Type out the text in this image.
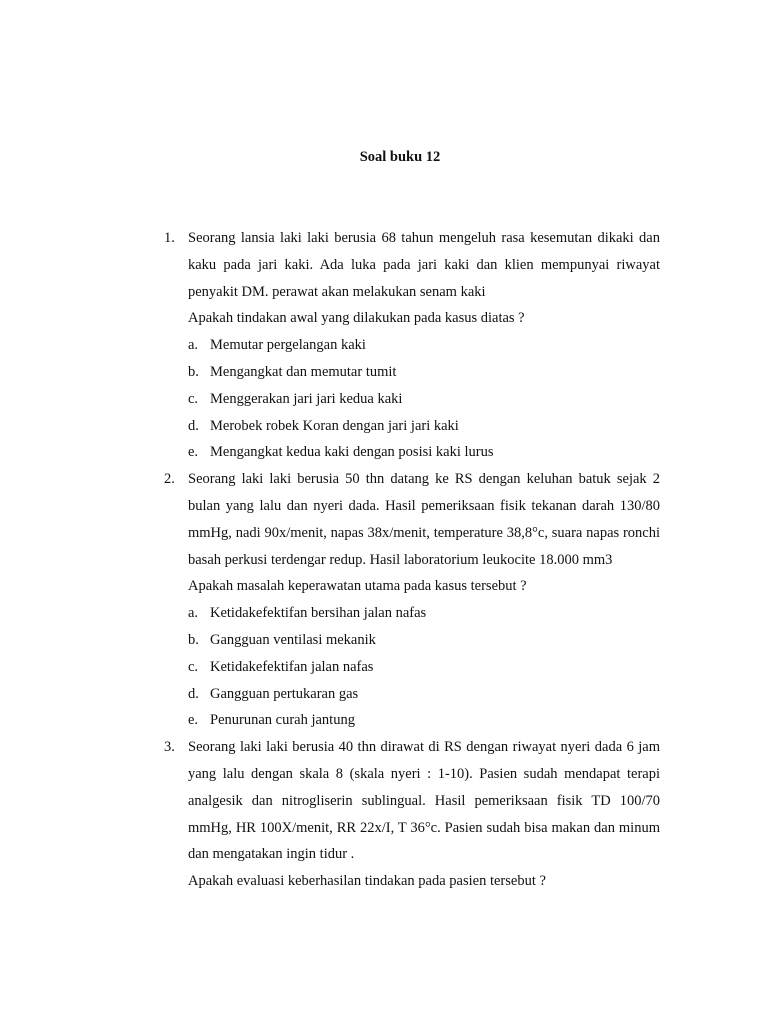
Soal buku 12
1. Seorang lansia laki laki berusia 68 tahun mengeluh rasa kesemutan dikaki dan kaku pada jari kaki. Ada luka pada jari kaki dan klien mempunyai riwayat penyakit DM. perawat akan melakukan senam kaki
Apakah tindakan awal yang dilakukan pada kasus diatas ?
a. Memutar pergelangan kaki
b. Mengangkat dan memutar tumit
c. Menggerakan jari jari kedua kaki
d. Merobek robek Koran dengan jari jari kaki
e. Mengangkat kedua kaki dengan posisi kaki lurus
2. Seorang laki laki berusia 50 thn datang ke RS dengan keluhan batuk sejak 2 bulan yang lalu dan nyeri dada. Hasil pemeriksaan fisik tekanan darah 130/80 mmHg, nadi 90x/menit, napas 38x/menit, temperature 38,8°c, suara napas ronchi basah perkusi terdengar redup. Hasil laboratorium leukocite 18.000 mm3
Apakah masalah keperawatan utama pada kasus tersebut ?
a. Ketidakefektifan bersihan jalan nafas
b. Gangguan ventilasi mekanik
c. Ketidakefektifan jalan nafas
d. Gangguan pertukaran gas
e. Penurunan curah jantung
3. Seorang laki laki berusia 40 thn dirawat di RS dengan riwayat nyeri dada 6 jam yang lalu dengan skala 8 (skala nyeri : 1-10). Pasien sudah mendapat terapi analgesik dan nitrogliserin sublingual. Hasil pemeriksaan fisik TD 100/70 mmHg, HR 100X/menit, RR 22x/I, T 36°c. Pasien sudah bisa makan dan minum dan mengatakan ingin tidur .
Apakah evaluasi keberhasilan tindakan pada pasien tersebut ?
